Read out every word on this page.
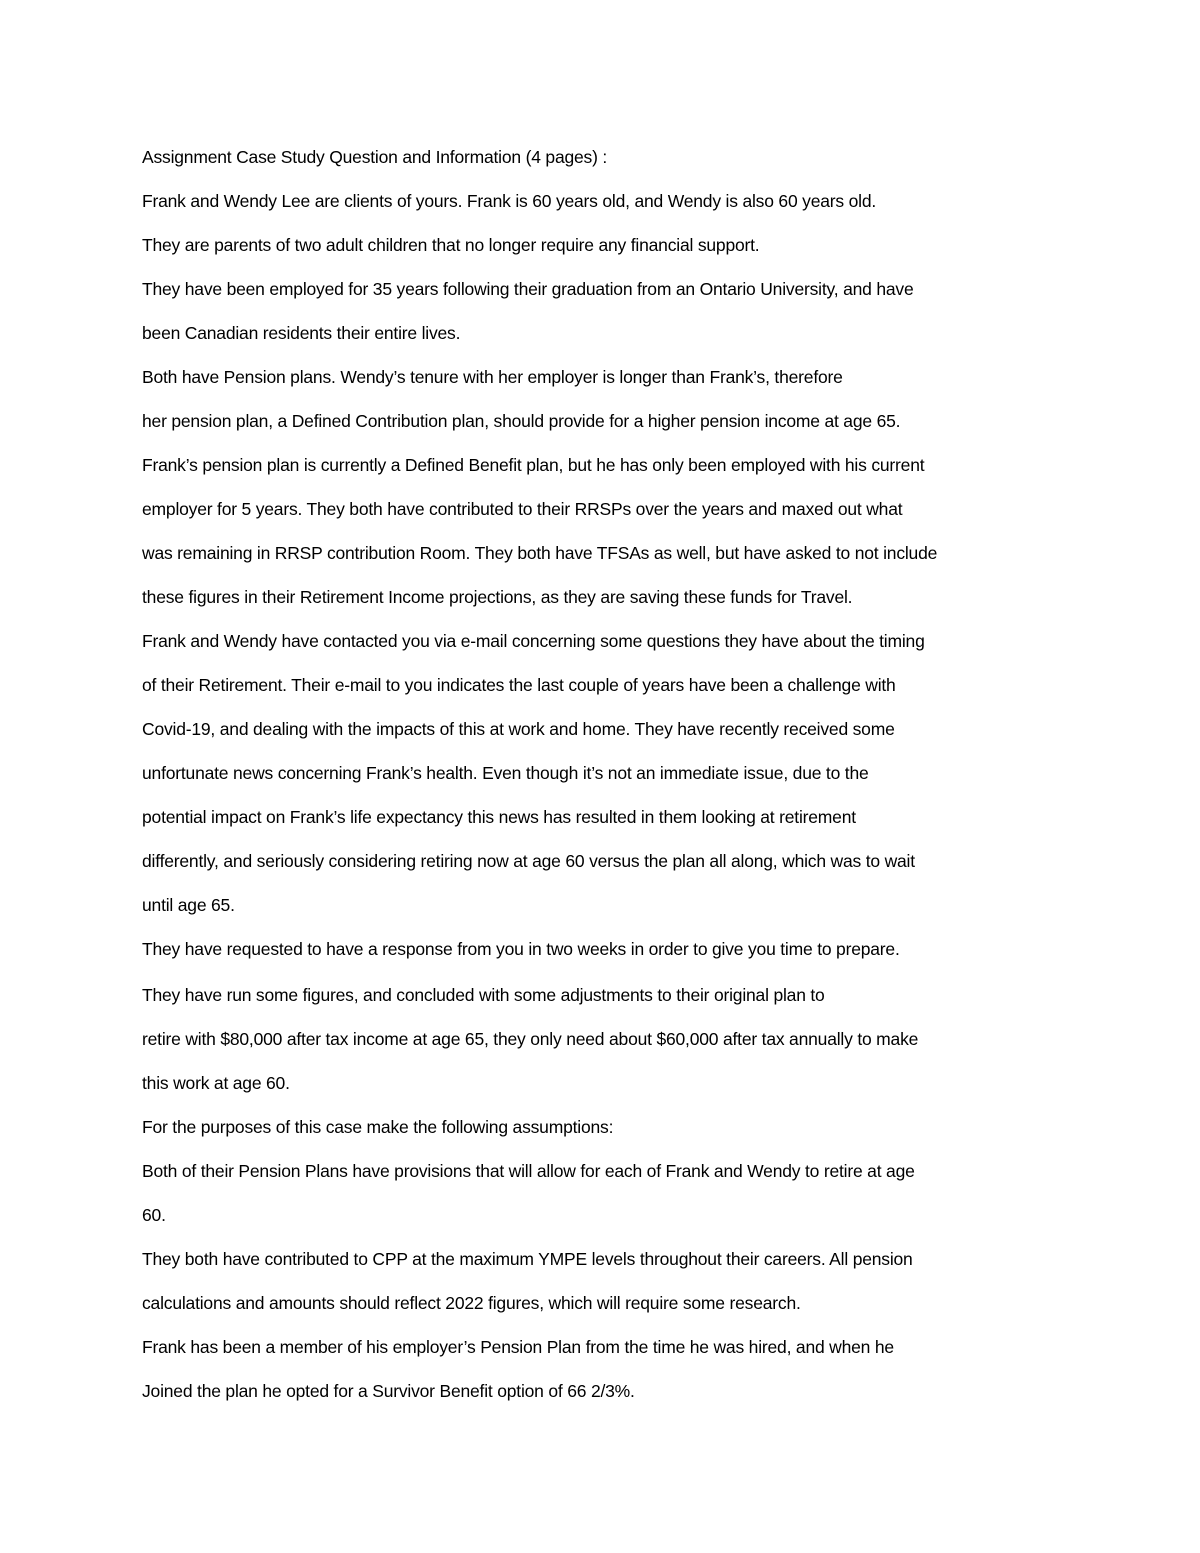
Assignment Case Study Question and Information (4 pages) :
Frank and Wendy Lee are clients of yours. Frank is 60 years old, and Wendy is also 60 years old.
They are parents of two adult children that no longer require any financial support.
They have been employed for 35 years following their graduation from an Ontario University, and have
been Canadian residents their entire lives.
Both have Pension plans. Wendy’s tenure with her employer is longer than Frank’s, therefore
her pension plan, a Defined Contribution plan, should provide for a higher pension income at age 65.
Frank’s pension plan is currently a Defined Benefit plan, but he has only been employed with his current
employer for 5 years. They both have contributed to their RRSPs over the years and maxed out what
was remaining in RRSP contribution Room. They both have TFSAs as well, but have asked to not include
these figures in their Retirement Income projections, as they are saving these funds for Travel.
Frank and Wendy have contacted you via e-mail concerning some questions they have about the timing
of their Retirement. Their e-mail to you indicates the last couple of years have been a challenge with
Covid-19, and dealing with the impacts of this at work and home. They have recently received some
unfortunate news concerning Frank’s health. Even though it’s not an immediate issue, due to the
potential impact on Frank’s life expectancy this news has resulted in them looking at retirement
differently, and seriously considering retiring now at age 60 versus the plan all along, which was to wait
until age 65.
They have requested to have a response from you in two weeks in order to give you time to prepare.
They have run some figures, and concluded with some adjustments to their original plan to
retire with $80,000 after tax income at age 65, they only need about $60,000 after tax annually to make
this work at age 60.
For the purposes of this case make the following assumptions:
Both of their Pension Plans have provisions that will allow for each of Frank and Wendy to retire at age
60.
They both have contributed to CPP at the maximum YMPE levels throughout their careers. All pension
calculations and amounts should reflect 2022 figures, which will require some research.
Frank has been a member of his employer’s Pension Plan from the time he was hired, and when he
Joined the plan he opted for a Survivor Benefit option of 66 2/3%.
